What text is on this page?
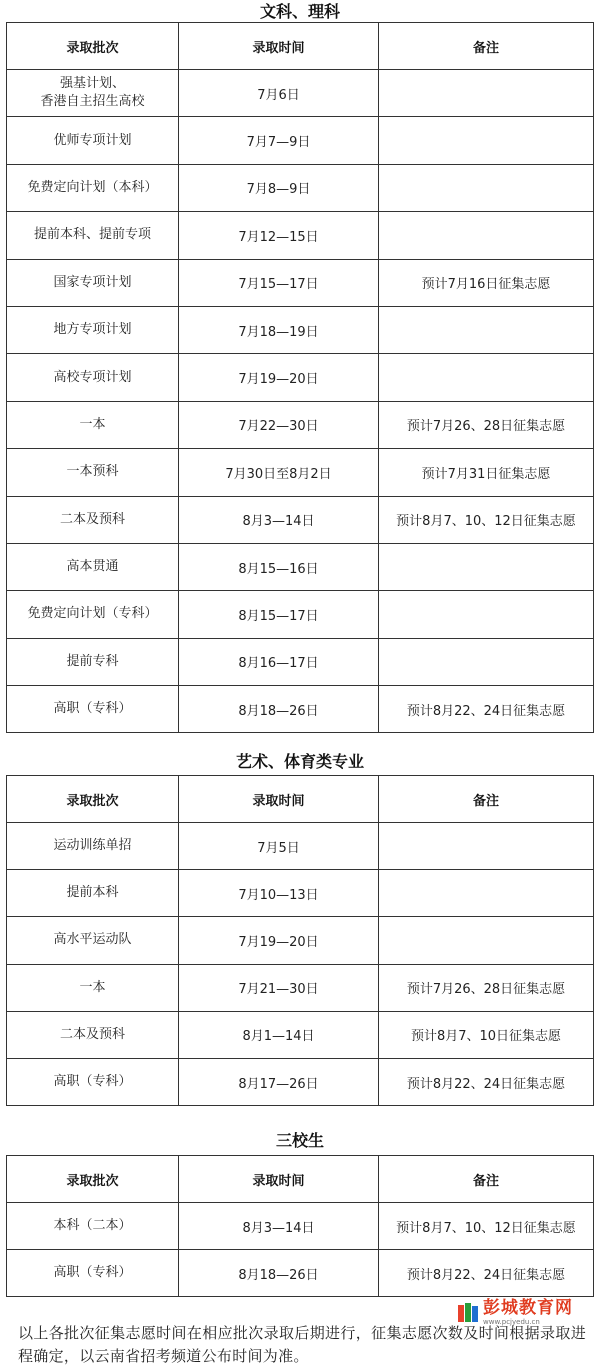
文科、理科
录取批次	录取时间	备注
强基计划、
香港自主招生高校	7月6日	
优师专项计划	7月7—9日	
免费定向计划（本科）	7月8—9日	
提前本科、提前专项	7月12—15日	
国家专项计划	7月15—17日	预计7月16日征集志愿
地方专项计划	7月18—19日	
高校专项计划	7月19—20日	
一本	7月22—30日	预计7月26、28日征集志愿
一本预科	7月30日至8月2日	预计7月31日征集志愿
二本及预科	8月3—14日	预计8月7、10、12日征集志愿
高本贯通	8月15—16日	
免费定向计划（专科）	8月15—17日	
提前专科	8月16—17日	
高职（专科）	8月18—26日	预计8月22、24日征集志愿
艺术、体育类专业
录取批次	录取时间	备注
运动训练单招	7月5日	
提前本科	7月10—13日	
高水平运动队	7月19—20日	
一本	7月21—30日	预计7月26、28日征集志愿
二本及预科	8月1—14日	预计8月7、10日征集志愿
高职（专科）	8月17—26日	预计8月22、24日征集志愿
三校生
录取批次	录取时间	备注
本科（二本）	8月3—14日	预计8月7、10、12日征集志愿
高职（专科）	8月18—26日	预计8月22、24日征集志愿
彭城教育网
www.pcjyedu.cn
以上各批次征集志愿时间在相应批次录取后期进行，征集志愿次数及时间根据录取进程确定，以云南省招考频道公布时间为准。
